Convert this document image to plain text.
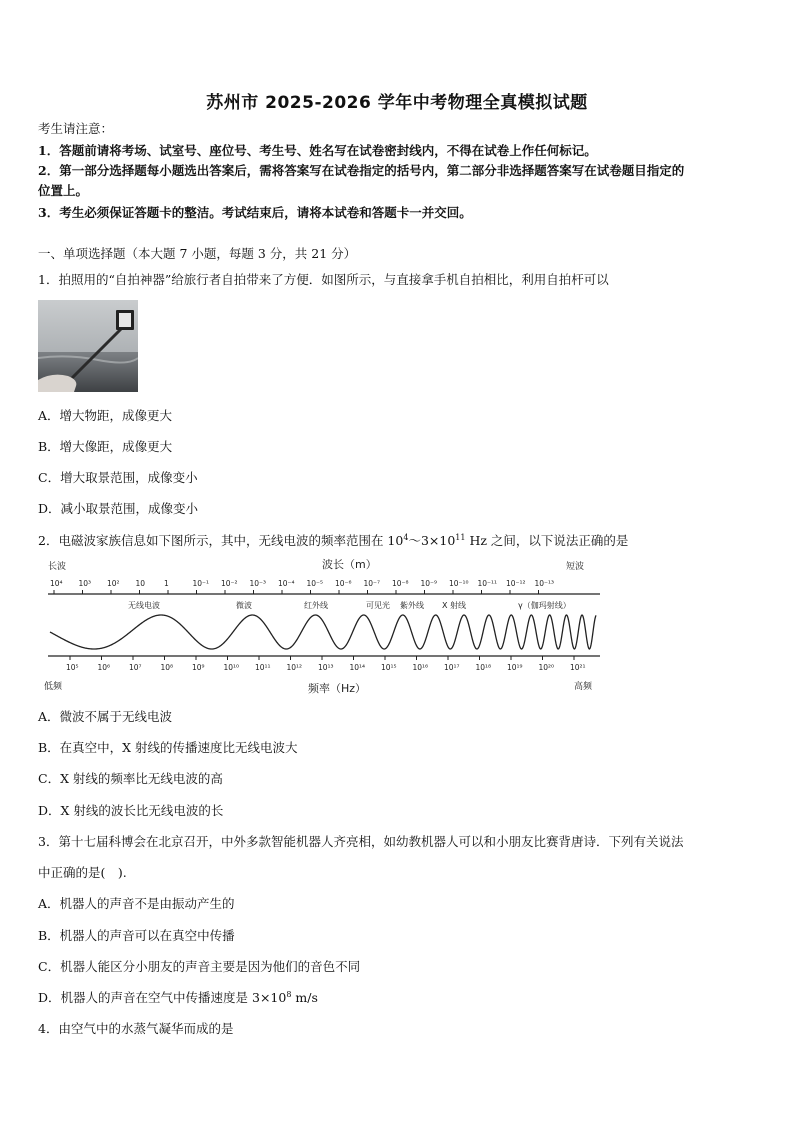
苏州市 2025-2026 学年中考物理全真模拟试题
考生请注意：
1．答题前请将考场、试室号、座位号、考生号、姓名写在试卷密封线内，不得在试卷上作任何标记。
2．第一部分选择题每小题选出答案后，需将答案写在试卷指定的括号内，第二部分非选择题答案写在试卷题目指定的
位置上。
3．考生必须保证答题卡的整洁。考试结束后，请将本试卷和答题卡一并交回。
一、单项选择题（本大题 7 小题，每题 3 分，共 21 分）
1．拍照用的“自拍神器”给旅行者自拍带来了方便．如图所示，与直接拿手机自拍相比，利用自拍杆可以
A．增大物距，成像更大
B．增大像距，成像更大
C．增大取景范围，成像变小
D．减小取景范围，成像变小
2．电磁波家族信息如下图所示，其中，无线电波的频率范围在 $10^4\sim 3\times 10^{11}$ Hz 之间，以下说法正确的是
长波	短波
波长（m）
频率（Hz）
低频	高频
10⁴ 10³ 10² 10	1	10⁻¹ 10⁻² 10⁻³ 10⁻⁴ 10⁻⁵ 10⁻⁶ 10⁻⁷ 10⁻⁸ 10⁻⁹ 10⁻¹⁰ 10⁻¹¹ 10⁻¹² 10⁻¹³
10⁵	10⁶	10⁷	10⁸	10⁹	10¹⁰ 10¹¹ 10¹² 10¹³ 10¹⁴ 10¹⁵ 10¹⁶ 10¹⁷ 10¹⁸ 10¹⁹ 10²⁰ 10²¹
无线电波	微波	红外线	可见光 紫外线 X 射线	γ（伽玛射线）
A．微波不属于无线电波
B．在真空中，X 射线的传播速度比无线电波大
C．X 射线的频率比无线电波的高
D．X 射线的波长比无线电波的长
3．第十七届科博会在北京召开，中外多款智能机器人齐亮相，如幼教机器人可以和小朋友比赛背唐诗．下列有关说法
中正确的是(　).
A．机器人的声音不是由振动产生的
B．机器人的声音可以在真空中传播
C．机器人能区分小朋友的声音主要是因为他们的音色不同
D．机器人的声音在空气中传播速度是 $3\times 10^8$ m/s
4．由空气中的水蒸气凝华而成的是
